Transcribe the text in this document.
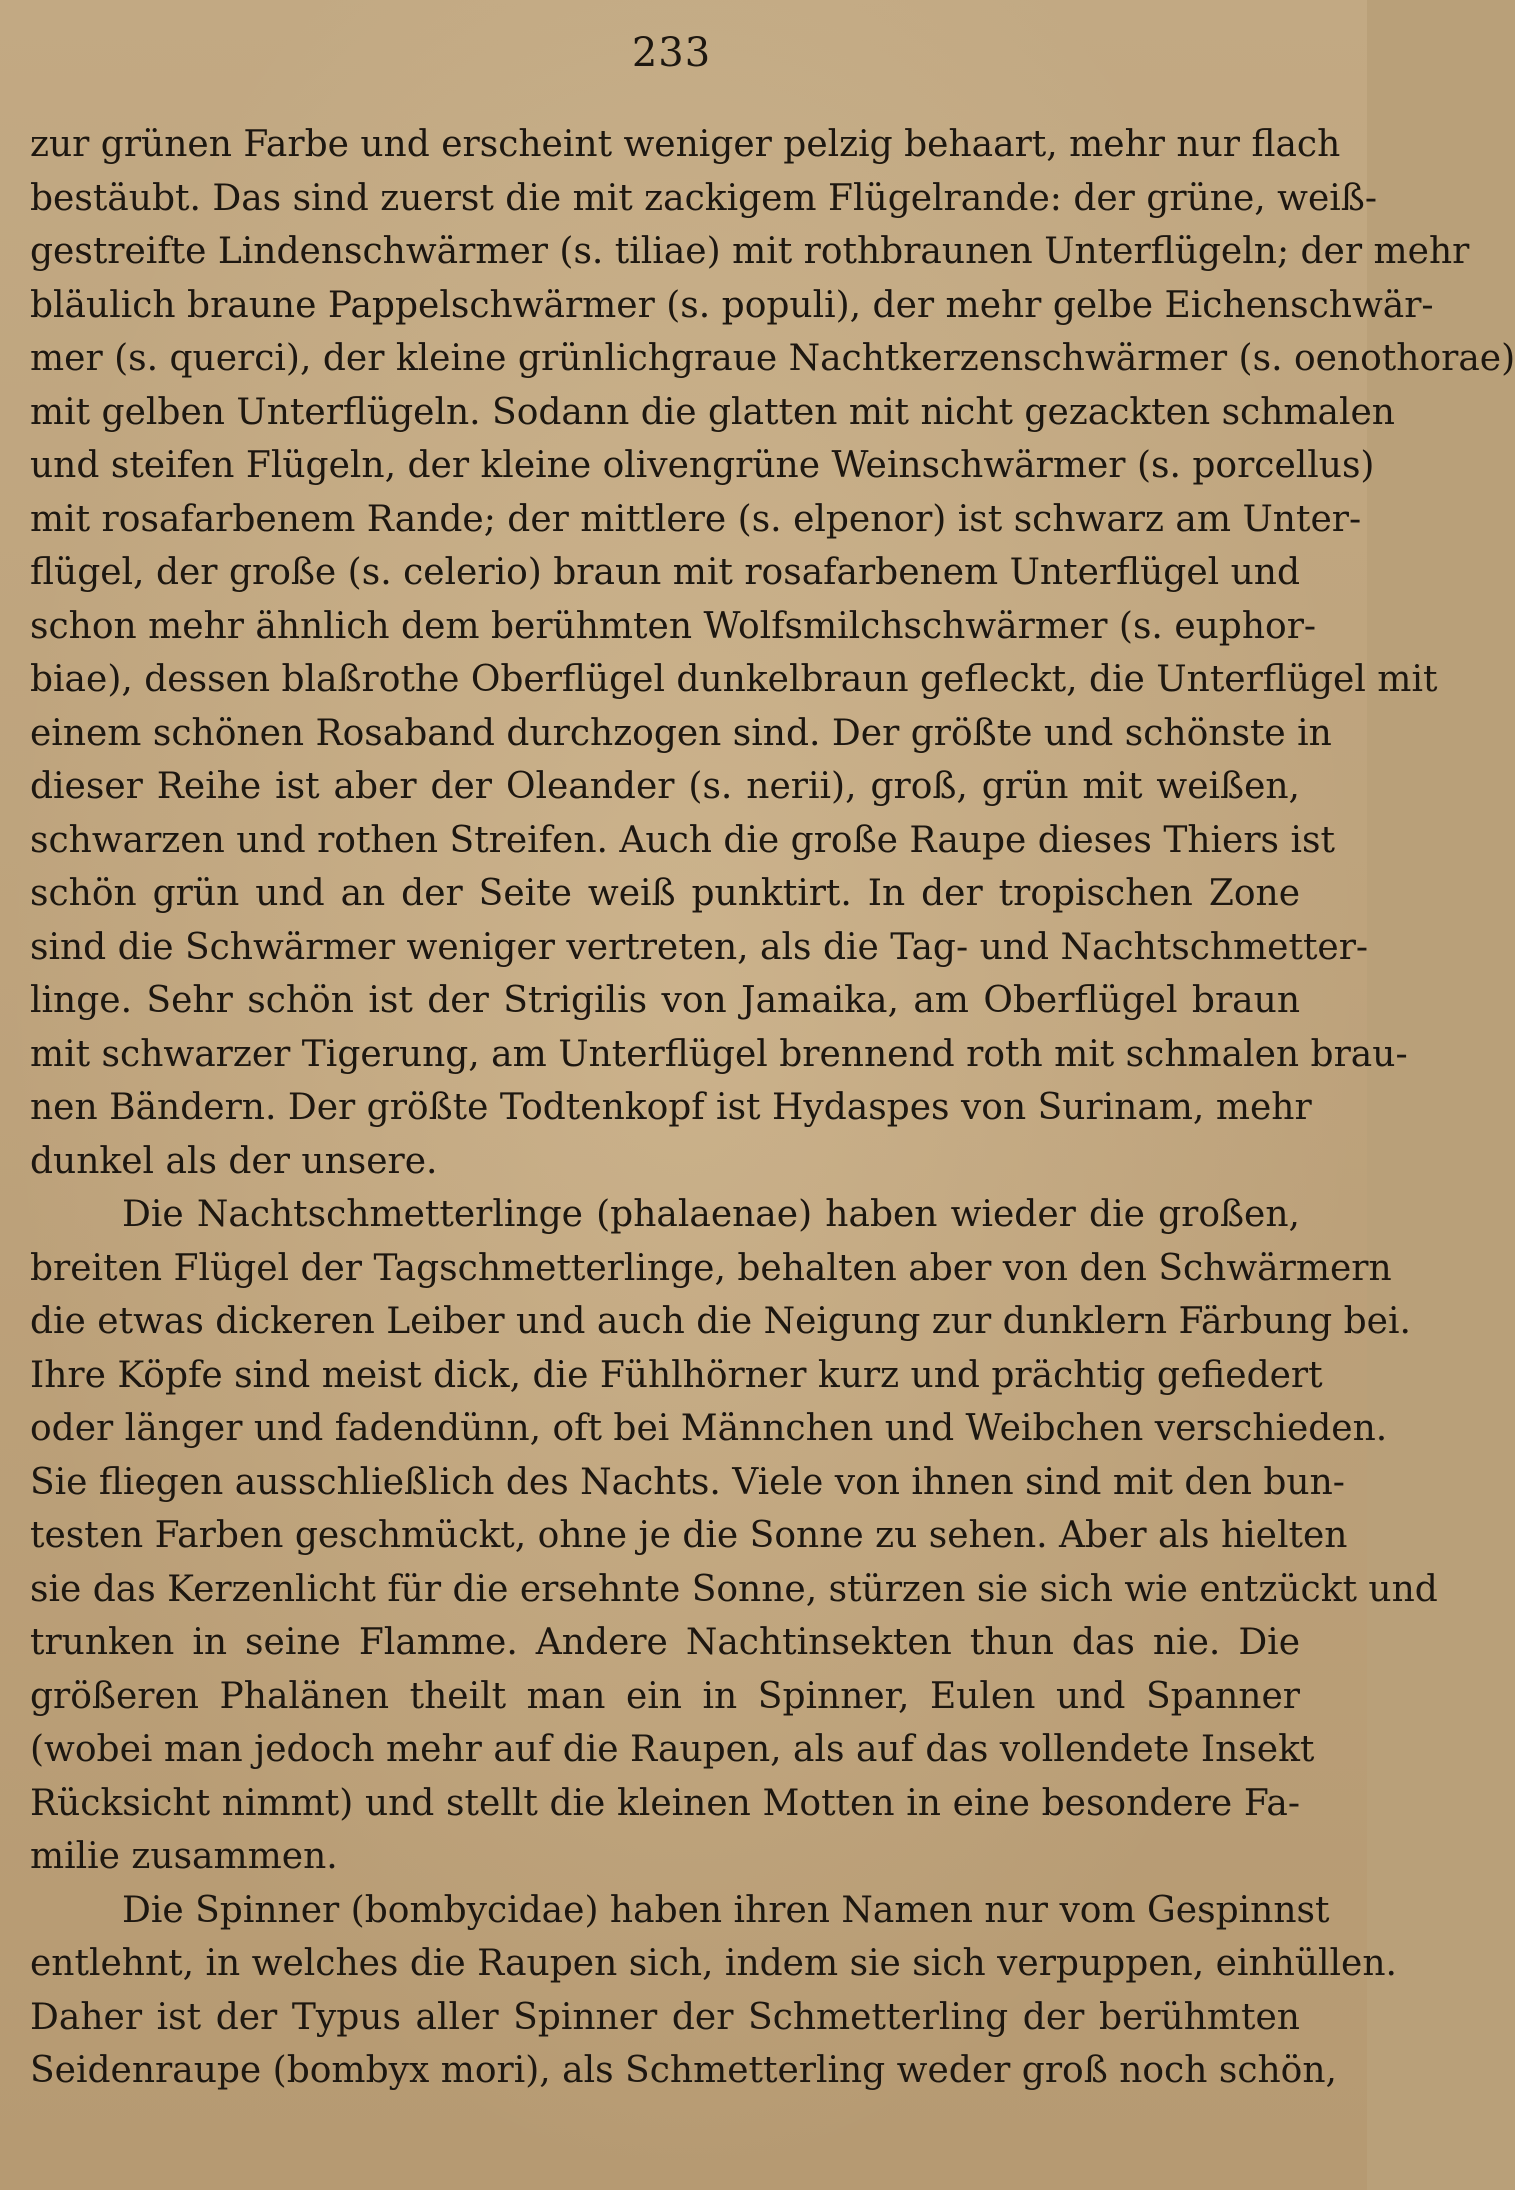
233
zur grünen Farbe und erscheint weniger pelzig behaart, mehr nur flach
bestäubt. Das sind zuerst die mit zackigem Flügelrande: der grüne, weiß-
gestreifte Lindenschwärmer (s. tiliae) mit rothbraunen Unterflügeln; der mehr
bläulich braune Pappelschwärmer (s. populi), der mehr gelbe Eichenschwär-
mer (s. querci), der kleine grünlichgraue Nachtkerzenschwärmer (s. oenothorae)
mit gelben Unterflügeln. Sodann die glatten mit nicht gezackten schmalen
und steifen Flügeln, der kleine olivengrüne Weinschwärmer (s. porcellus)
mit rosafarbenem Rande; der mittlere (s. elpenor) ist schwarz am Unter-
flügel, der große (s. celerio) braun mit rosafarbenem Unterflügel und
schon mehr ähnlich dem berühmten Wolfsmilchschwärmer (s. euphor-
biae), dessen blaßrothe Oberflügel dunkelbraun gefleckt, die Unterflügel mit
einem schönen Rosaband durchzogen sind. Der größte und schönste in
dieser Reihe ist aber der Oleander (s. nerii), groß, grün mit weißen,
schwarzen und rothen Streifen. Auch die große Raupe dieses Thiers ist
schön grün und an der Seite weiß punktirt. In der tropischen Zone
sind die Schwärmer weniger vertreten, als die Tag- und Nachtschmetter-
linge. Sehr schön ist der Strigilis von Jamaika, am Oberflügel braun
mit schwarzer Tigerung, am Unterflügel brennend roth mit schmalen brau-
nen Bändern. Der größte Todtenkopf ist Hydaspes von Surinam, mehr
dunkel als der unsere.
Die Nachtschmetterlinge (phalaenae) haben wieder die großen,
breiten Flügel der Tagschmetterlinge, behalten aber von den Schwärmern
die etwas dickeren Leiber und auch die Neigung zur dunklern Färbung bei.
Ihre Köpfe sind meist dick, die Fühlhörner kurz und prächtig gefiedert
oder länger und fadendünn, oft bei Männchen und Weibchen verschieden.
Sie fliegen ausschließlich des Nachts. Viele von ihnen sind mit den bun-
testen Farben geschmückt, ohne je die Sonne zu sehen. Aber als hielten
sie das Kerzenlicht für die ersehnte Sonne, stürzen sie sich wie entzückt und
trunken in seine Flamme. Andere Nachtinsekten thun das nie. Die
größeren Phalänen theilt man ein in Spinner, Eulen und Spanner
(wobei man jedoch mehr auf die Raupen, als auf das vollendete Insekt
Rücksicht nimmt) und stellt die kleinen Motten in eine besondere Fa-
milie zusammen.
Die Spinner (bombycidae) haben ihren Namen nur vom Gespinnst
entlehnt, in welches die Raupen sich, indem sie sich verpuppen, einhüllen.
Daher ist der Typus aller Spinner der Schmetterling der berühmten
Seidenraupe (bombyx mori), als Schmetterling weder groß noch schön,
